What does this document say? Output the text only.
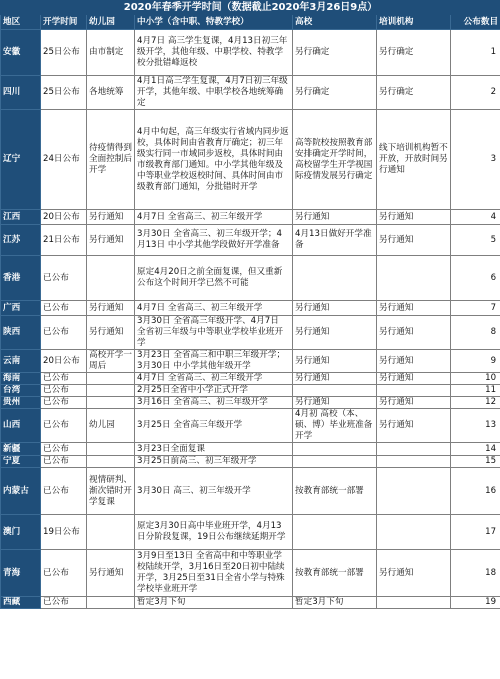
2020年春季开学时间（数据截止2020年3月26日9点）						
地区	开学时间	幼儿园	中小学（含中职、特教学校）	高校	培训机构	公布数目
安徽	25日公布	由市制定	4月7日 高三学生复课，4月13日初三年级开学，其他年级、中职学校、特教学校分批错峰返校	另行确定	另行确定	1
四川	25日公布	各地统筹	4月1日高三学生复课，4月7日初三年级开学，其他年级、中职学校各地统筹确定	另行确定	另行确定	2
辽宁	24日公布	待疫情得到全面控制后开学	4月中旬起，高三年级实行省域内同步返校，具体时间由省教育厅确定；初三年级实行同一市域同步返校，具体时间由市级教育部门通知。中小学其他年级及中等职业学校返校时间、具体时间由市级教育部门通知，分批错时开学	高等院校按照教育部安排确定开学时间，高校留学生开学视国际疫情发展另行确定	线下培训机构暂不开放，开放时间另行通知	3
江西	20日公布	另行通知	4月7日 全省高三、初三年级开学	另行通知	另行通知	4
江苏	21日公布	另行通知	3月30日 全省高三、初三年级开学；4月13日 中小学其他学段做好开学准备	4月13日做好开学准备	另行通知	5
香港	已公布		原定4月20日之前全面复课，但又重新公布这个时间开学已然不可能			6
广西	已公布	另行通知	4月7日 全省高三、初三年级开学	另行通知	另行通知	7
陕西	已公布	另行通知	3月30日 全省高三年级开学、4月7日 全省初三年级与中等职业学校毕业班开学	另行通知	另行通知	8
云南	20日公布	高校开学一周后	3月23日 全省高三和中职三年级开学；3月30日 中小学其他年级开学	另行通知	另行通知	9
海南	已公布		4月7日 全省高三、初三年级开学	另行通知	另行通知	10
台湾	已公布		2月25日全省中小学正式开学			11
贵州	已公布		3月16日 全省高三、初三年级开学	另行通知	另行通知	12
山西	已公布	幼儿园	3月25日 全省高三年级开学	4月初 高校（本、硕、博）毕业班准备开学	另行通知	13
新疆	已公布		3月23日全面复课			14
宁夏	已公布		3月25日前高三、初三年级开学			15
内蒙古	已公布	视情研判、渐次错时开学复课	3月30日 高三、初三年级开学	按教育部统一部署		16
澳门	19日公布		原定3月30日高中毕业班开学，4月13日分阶段复课，19日公布继续延期开学			17
青海	已公布	另行通知	3月9日至13日 全省高中和中等职业学校陆续开学，3月16日至20日初中陆续开学，3月25日至31日全省小学与特殊学校毕业班开学	按教育部统一部署	另行通知	18
西藏	已公布		暂定3月下旬	暂定3月下旬		19
